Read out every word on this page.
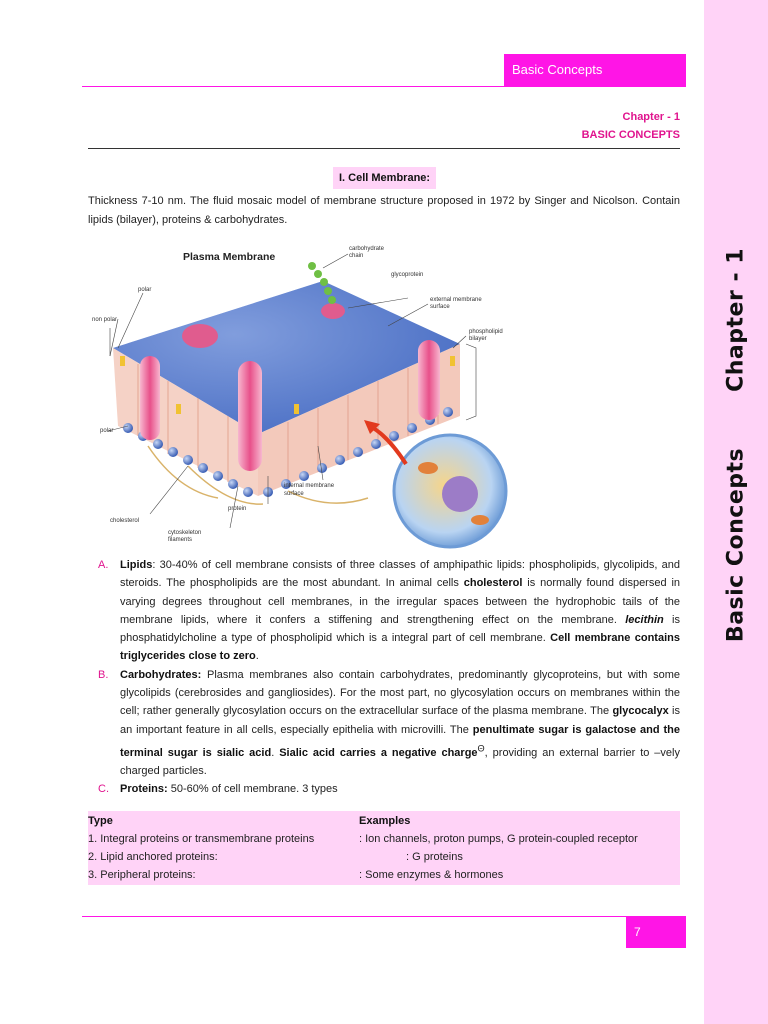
Basic ConceptsChapter - 1
Basic Concepts
Chapter - 1
BASIC CONCEPTS
I. Cell Membrane:
Thickness 7-10 nm. The fluid mosaic model of membrane structure proposed in 1972 by Singer and Nicolson. Contain lipids (bilayer), proteins & carbohydrates.
Plasma Membrane
carbohydrate
chain
glycoprotein
external membrane
surface
phospholipid
bilayer
polar
non polar
polar
cholesterol
cytoskeleton
filaments
protein
internal membrane
surface
A. Lipids: 30-40% of cell membrane consists of three classes of amphipathic lipids: phospholipids, glycolipids, and steroids. The phospholipids are the most abundant. In animal cells cholesterol is normally found dispersed in varying degrees throughout cell membranes, in the irregular spaces between the hydrophobic tails of the membrane lipids, where it confers a stiffening and strengthening effect on the membrane. lecithin is phosphatidylcholine a type of phospholipid which is a integral part of cell membrane. Cell membrane contains triglycerides close to zero.
B. Carbohydrates: Plasma membranes also contain carbohydrates, predominantly glycoproteins, but with some glycolipids (cerebrosides and gangliosides). For the most part, no glycosylation occurs on membranes within the cell; rather generally glycosylation occurs on the extracellular surface of the plasma membrane. The glycocalyx is an important feature in all cells, especially epithelia with microvilli. The penultimate sugar is galactose and the terminal sugar is sialic acid. Sialic acid carries a negative charge$^\Theta$, providing an external barrier to –vely charged particles.
C. Proteins: 50-60% of cell membrane. 3 types
Type	Examples
1. Integral proteins or transmembrane proteins	: Ion channels, proton pumps, G protein-coupled receptor
2. Lipid anchored proteins:	: G proteins
3. Peripheral proteins:	: Some enzymes & hormones
7
